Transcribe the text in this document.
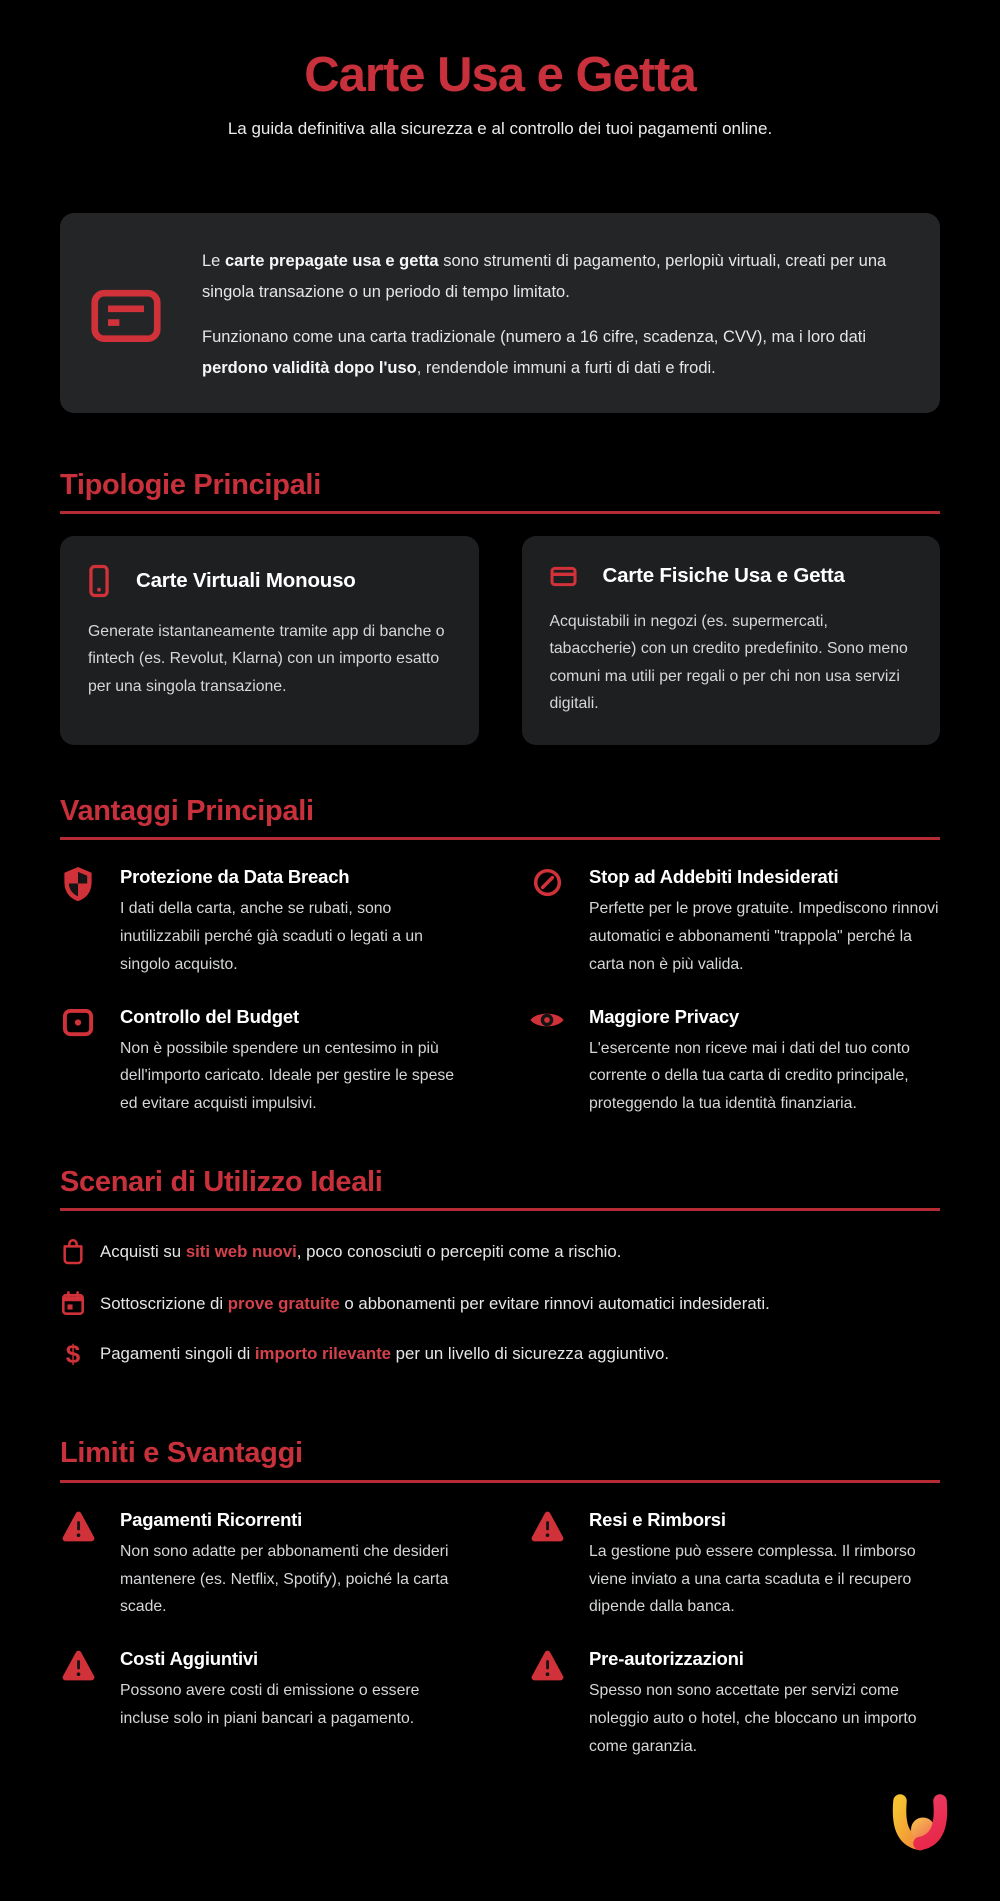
Carte Usa e Getta

La guida definitiva alla sicurezza e al controllo dei tuoi pagamenti online.

Le carte prepagate usa e getta sono strumenti di pagamento, perlopiù virtuali, creati per una singola transazione o un periodo di tempo limitato.

Funzionano come una carta tradizionale (numero a 16 cifre, scadenza, CVV), ma i loro dati perdono validità dopo l'uso, rendendole immuni a furti di dati e frodi.

Tipologie Principali
Carte Virtuali Monouso

Generate istantaneamente tramite app di banche o fintech (es. Revolut, Klarna) con un importo esatto per una singola transazione.

Carte Fisiche Usa e Getta

Acquistabili in negozi (es. supermercati, tabaccherie) con un credito predefinito. Sono meno comuni ma utili per regali o per chi non usa servizi digitali.

Vantaggi Principali
Protezione da Data Breach

I dati della carta, anche se rubati, sono inutilizzabili perché già scaduti o legati a un singolo acquisto.

Stop ad Addebiti Indesiderati

Perfette per le prove gratuite. Impediscono rinnovi automatici e abbonamenti "trappola" perché la carta non è più valida.

Controllo del Budget

Non è possibile spendere un centesimo in più dell'importo caricato. Ideale per gestire le spese ed evitare acquisti impulsivi.

Maggiore Privacy

L'esercente non riceve mai i dati del tuo conto corrente o della tua carta di credito principale, proteggendo la tua identità finanziaria.

Scenari di Utilizzo Ideali

Acquisti su siti web nuovi, poco conosciuti o percepiti come a rischio.

Sottoscrizione di prove gratuite o abbonamenti per evitare rinnovi automatici indesiderati.

$

Pagamenti singoli di importo rilevante per un livello di sicurezza aggiuntivo.

Limiti e Svantaggi
Pagamenti Ricorrenti

Non sono adatte per abbonamenti che desideri mantenere (es. Netflix, Spotify), poiché la carta scade.

Resi e Rimborsi

La gestione può essere complessa. Il rimborso viene inviato a una carta scaduta e il recupero dipende dalla banca.

Costi Aggiuntivi

Possono avere costi di emissione o essere incluse solo in piani bancari a pagamento.

Pre-autorizzazioni

Spesso non sono accettate per servizi come noleggio auto o hotel, che bloccano un importo come garanzia.
